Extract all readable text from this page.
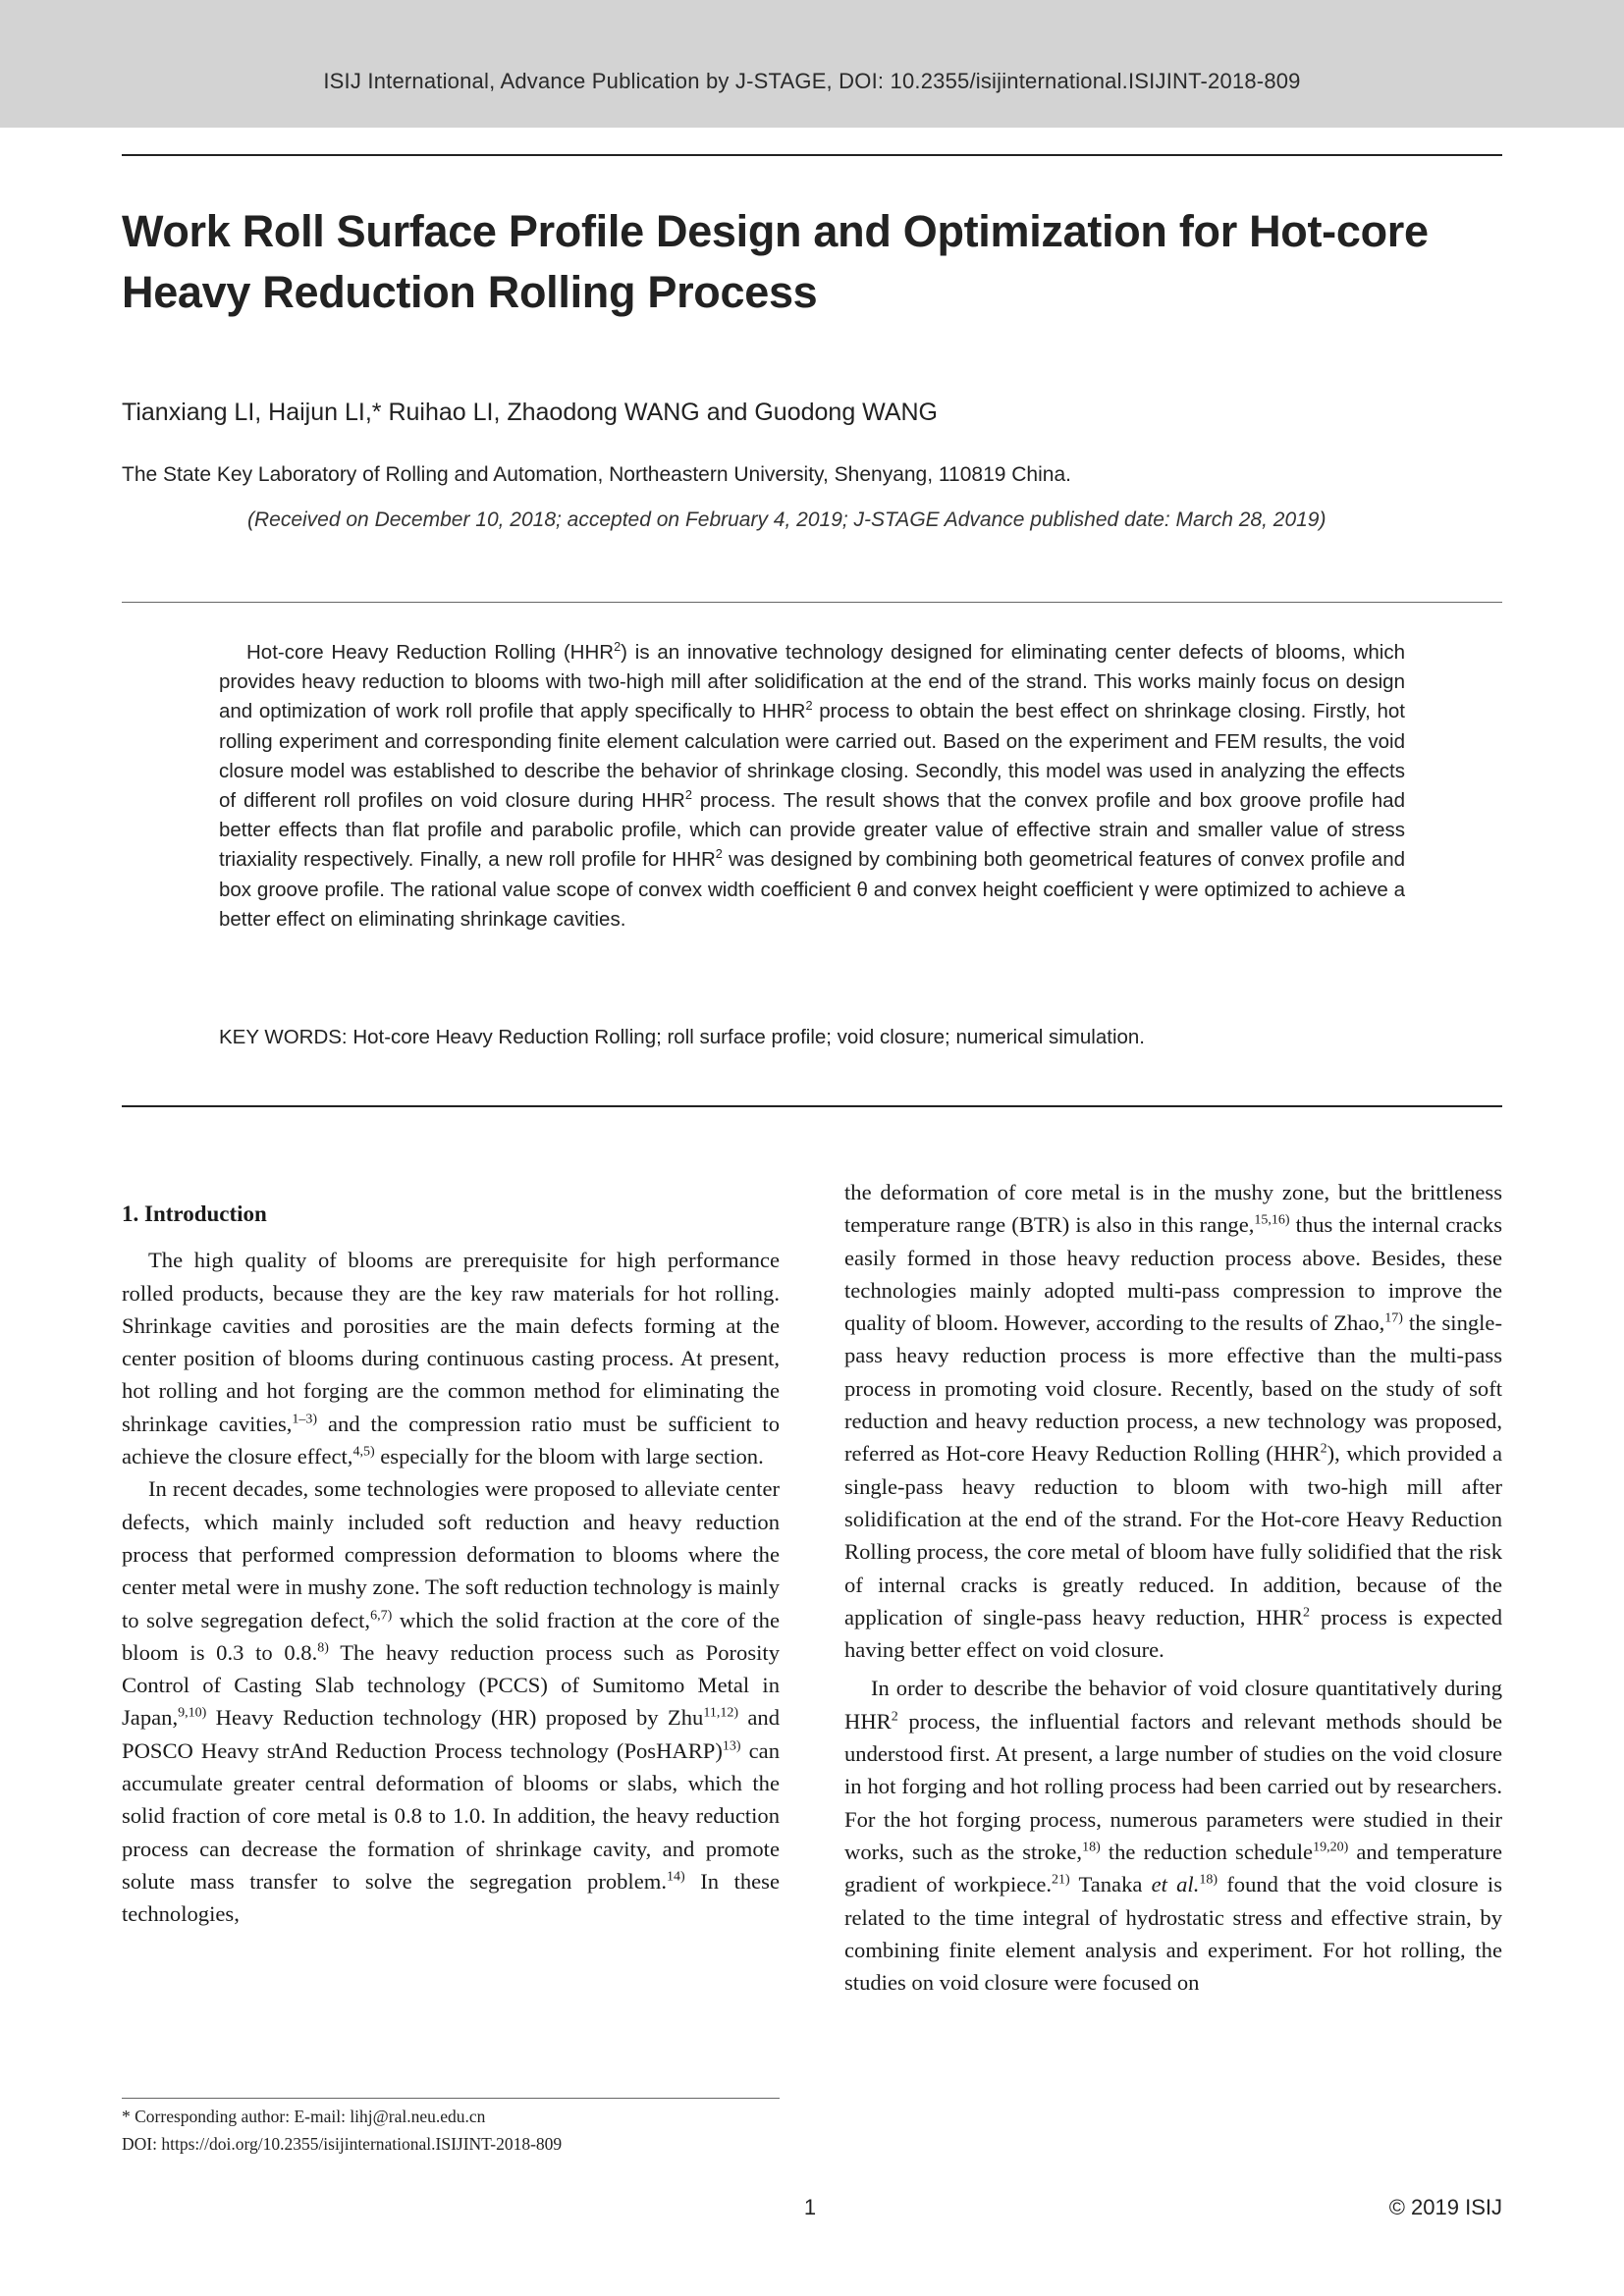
ISIJ International, Advance Publication by J-STAGE, DOI: 10.2355/isijinternational.ISIJINT-2018-809
Work Roll Surface Profile Design and Optimization for Hot-core
Heavy Reduction Rolling Process
Tianxiang LI, Haijun LI,* Ruihao LI, Zhaodong WANG and Guodong WANG
The State Key Laboratory of Rolling and Automation, Northeastern University, Shenyang, 110819 China.
(Received on December 10, 2018; accepted on February 4, 2019; J-STAGE Advance published date: March 28, 2019)
Hot-core Heavy Reduction Rolling (HHR$^2$) is an innovative technology designed for eliminating center defects of blooms, which provides heavy reduction to blooms with two-high mill after solidification at the end of the strand. This works mainly focus on design and optimization of work roll profile that apply specifically to HHR$^2$ process to obtain the best effect on shrinkage closing. Firstly, hot rolling experiment and corresponding finite element calculation were carried out. Based on the experiment and FEM results, the void closure model was established to describe the behavior of shrinkage closing. Secondly, this model was used in analyzing the effects of different roll profiles on void closure during HHR$^2$ process. The result shows that the convex profile and box groove profile had better effects than flat profile and parabolic profile, which can provide greater value of effective strain and smaller value of stress triaxiality respectively. Finally, a new roll profile for HHR$^2$ was designed by combining both geometrical features of convex profile and box groove profile. The rational value scope of convex width coefficient θ and convex height coefficient γ were optimized to achieve a better effect on eliminating shrinkage cavities.
KEY WORDS: Hot-core Heavy Reduction Rolling; roll surface profile; void closure; numerical simulation.
1. Introduction

The high quality of blooms are prerequisite for high performance rolled products, because they are the key raw materials for hot rolling. Shrinkage cavities and porosities are the main defects forming at the center position of blooms during continuous casting process. At present, hot rolling and hot forging are the common method for eliminating the shrinkage cavities,$^{1-3)}$ and the compression ratio must be sufficient to achieve the closure effect,$^{4,5)}$ especially for the bloom with large section.

In recent decades, some technologies were proposed to alleviate center defects, which mainly included soft reduction and heavy reduction process that performed compression deformation to blooms where the center metal were in mushy zone. The soft reduction technology is mainly to solve segregation defect,$^{6,7)}$ which the solid fraction at the core of the bloom is 0.3 to 0.8.$^{8)}$ The heavy reduction process such as Porosity Control of Casting Slab technology (PCCS) of Sumitomo Metal in Japan,$^{9,10)}$ Heavy Reduction technology (HR) proposed by Zhu$^{11,12)}$ and POSCO Heavy strAnd Reduction Process technology (PosHARP)$^{13)}$ can accumulate greater central deformation of blooms or slabs, which the solid fraction of core metal is 0.8 to 1.0. In addition, the heavy reduction process can decrease the formation of shrinkage cavity, and promote solute mass transfer to solve the segregation problem.$^{14)}$ In these technologies,

the deformation of core metal is in the mushy zone, but the brittleness temperature range (BTR) is also in this range,$^{15,16)}$ thus the internal cracks easily formed in those heavy reduction process above. Besides, these technologies mainly adopted multi-pass compression to improve the quality of bloom. However, according to the results of Zhao,$^{17)}$ the single-pass heavy reduction process is more effective than the multi-pass process in promoting void closure. Recently, based on the study of soft reduction and heavy reduction process, a new technology was proposed, referred as Hot-core Heavy Reduction Rolling (HHR$^2$), which provided a single-pass heavy reduction to bloom with two-high mill after solidification at the end of the strand. For the Hot-core Heavy Reduction Rolling process, the core metal of bloom have fully solidified that the risk of internal cracks is greatly reduced. In addition, because of the application of single-pass heavy reduction, HHR$^2$ process is expected having better effect on void closure.

In order to describe the behavior of void closure quantitatively during HHR$^2$ process, the influential factors and relevant methods should be understood first. At present, a large number of studies on the void closure in hot forging and hot rolling process had been carried out by researchers. For the hot forging process, numerous parameters were studied in their works, such as the stroke,$^{18)}$ the reduction schedule$^{19,20)}$ and temperature gradient of workpiece.$^{21)}$ Tanaka et al.$^{18)}$ found that the void closure is related to the time integral of hydrostatic stress and effective strain, by combining finite element analysis and experiment. For hot rolling, the studies on void closure were focused on

* Corresponding author: E-mail: lihj@ral.neu.edu.cn
DOI: https://doi.org/10.2355/isijinternational.ISIJINT-2018-809
1	© 2019 ISIJ
